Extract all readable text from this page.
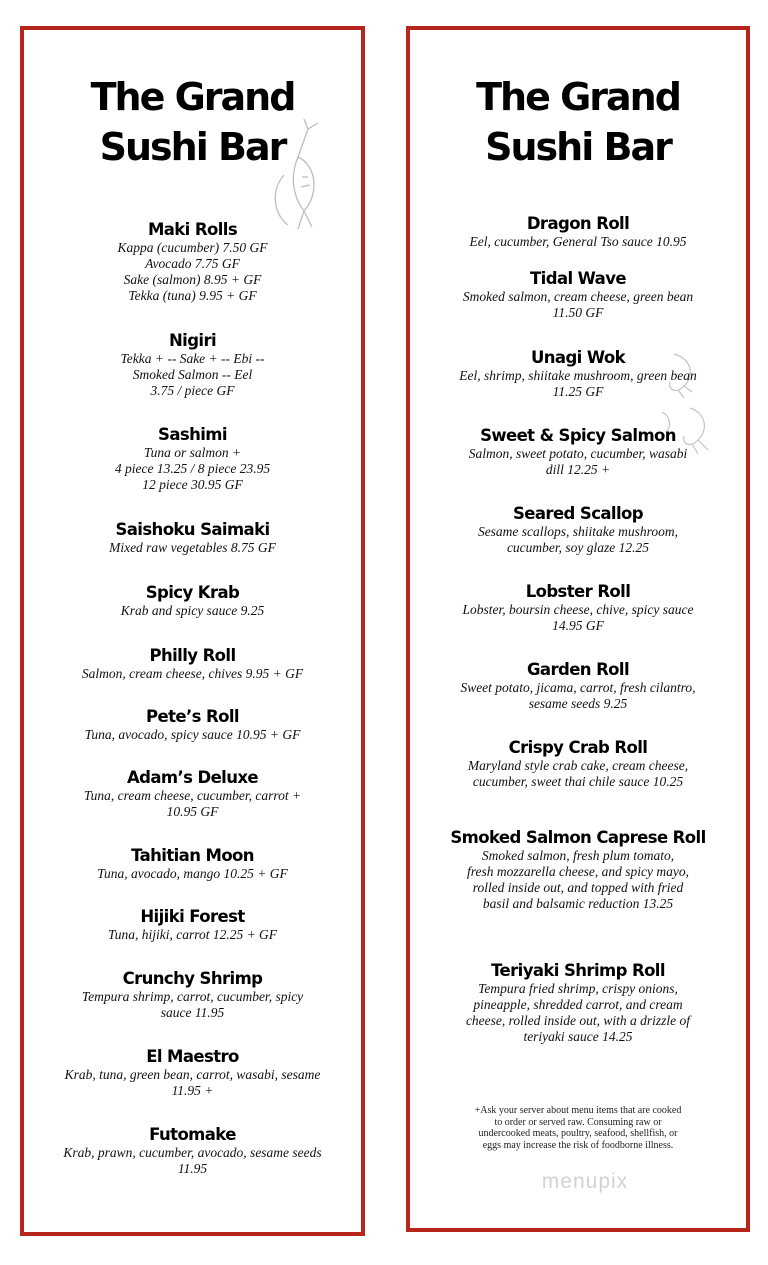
The Grand
Sushi Bar
Maki Rolls

Kappa (cucumber) 7.50 GF
Avocado 7.75 GF
Sake (salmon) 8.95 + GF
Tekka (tuna) 9.95 + GF

Nigiri

Tekka + -- Sake + -- Ebi --
Smoked Salmon -- Eel
3.75 / piece GF

Sashimi

Tuna or salmon +
4 piece 13.25 / 8 piece 23.95
12 piece 30.95 GF

Saishoku Saimaki

Mixed raw vegetables 8.75 GF

Spicy Krab

Krab and spicy sauce 9.25

Philly Roll

Salmon, cream cheese, chives 9.95 + GF

Pete’s Roll

Tuna, avocado, spicy sauce 10.95 + GF

Adam’s Deluxe

Tuna, cream cheese, cucumber, carrot +
10.95 GF

Tahitian Moon

Tuna, avocado, mango 10.25 + GF

Hijiki Forest

Tuna, hijiki, carrot 12.25 + GF

Crunchy Shrimp

Tempura shrimp, carrot, cucumber, spicy
sauce 11.95

El Maestro

Krab, tuna, green bean, carrot, wasabi, sesame
11.95 +

Futomake

Krab, prawn, cucumber, avocado, sesame seeds
11.95

The Grand
Sushi Bar
Dragon Roll

Eel, cucumber, General Tso sauce 10.95

Tidal Wave

Smoked salmon, cream cheese, green bean
11.50 GF

Unagi Wok

Eel, shrimp, shiitake mushroom, green bean
11.25 GF

Sweet & Spicy Salmon

Salmon, sweet potato, cucumber, wasabi
dill 12.25 +

Seared Scallop

Sesame scallops, shiitake mushroom,
cucumber, soy glaze 12.25

Lobster Roll

Lobster, boursin cheese, chive, spicy sauce
14.95 GF

Garden Roll

Sweet potato, jicama, carrot, fresh cilantro,
sesame seeds 9.25

Crispy Crab Roll

Maryland style crab cake, cream cheese,
cucumber, sweet thai chile sauce 10.25

Smoked Salmon Caprese Roll

Smoked salmon, fresh plum tomato,
fresh mozzarella cheese, and spicy mayo,
rolled inside out, and topped with fried
basil and balsamic reduction 13.25

Teriyaki Shrimp Roll

Tempura fried shrimp, crispy onions,
pineapple, shredded carrot, and cream
cheese, rolled inside out, with a drizzle of
teriyaki sauce 14.25

+Ask your server about menu items that are cooked
to order or served raw. Consuming raw or
undercooked meats, poultry, seafood, shellfish, or
eggs may increase the risk of foodborne illness.
menupix
